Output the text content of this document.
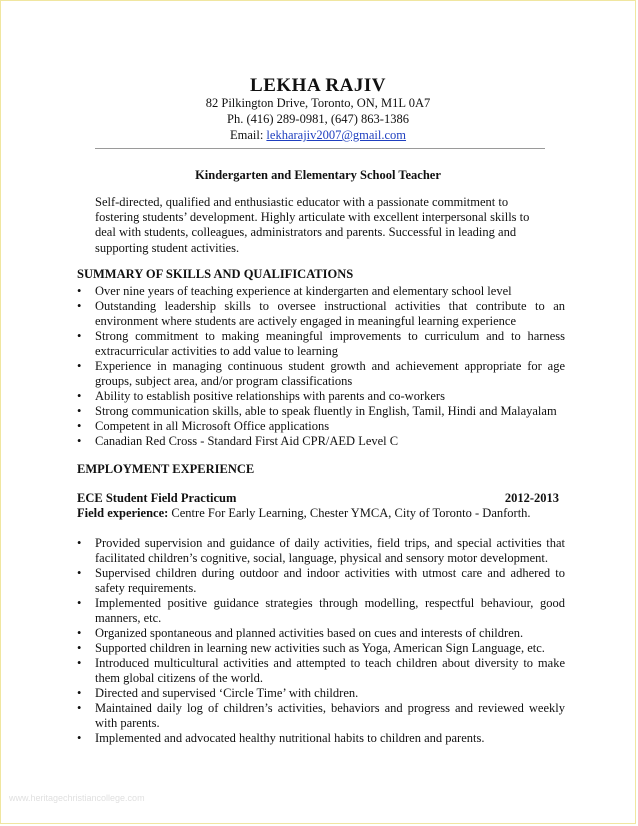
LEKHA RAJIV
82 Pilkington Drive, Toronto, ON, M1L 0A7
Ph. (416) 289-0981, (647) 863-1386
Email: lekharajiv2007@gmail.com
Kindergarten and Elementary School Teacher

Self-directed, qualified and enthusiastic educator with a passionate commitment to fostering students’ development. Highly articulate with excellent interpersonal skills to deal with students, colleagues, administrators and parents. Successful in leading and supporting student activities.

SUMMARY OF SKILLS AND QUALIFICATIONS
• Over nine years of teaching experience at kindergarten and elementary school level
• Outstanding leadership skills to oversee instructional activities that contribute to an environment where students are actively engaged in meaningful learning experience
• Strong commitment to making meaningful improvements to curriculum and to harness extracurricular activities to add value to learning
• Experience in managing continuous student growth and achievement appropriate for age groups, subject area, and/or program classifications
• Ability to establish positive relationships with parents and co-workers
• Strong communication skills, able to speak fluently in English, Tamil, Hindi and Malayalam
• Competent in all Microsoft Office applications
• Canadian Red Cross - Standard First Aid CPR/AED Level C
EMPLOYMENT EXPERIENCE
ECE Student Field Practicum	2012-2013
Field experience: Centre For Early Learning, Chester YMCA, City of Toronto - Danforth.
• Provided supervision and guidance of daily activities, field trips, and special activities that facilitated children’s cognitive, social, language, physical and sensory motor development.
• Supervised children during outdoor and indoor activities with utmost care and adhered to safety requirements.
• Implemented positive guidance strategies through modelling, respectful behaviour, good manners, etc.
• Organized spontaneous and planned activities based on cues and interests of children.
• Supported children in learning new activities such as Yoga, American Sign Language, etc.
• Introduced multicultural activities and attempted to teach children about diversity to make them global citizens of the world.
• Directed and supervised ‘Circle Time’ with children.
• Maintained daily log of children’s activities, behaviors and progress and reviewed weekly with parents.
• Implemented and advocated healthy nutritional habits to children and parents.
www.heritagechristiancollege.com
